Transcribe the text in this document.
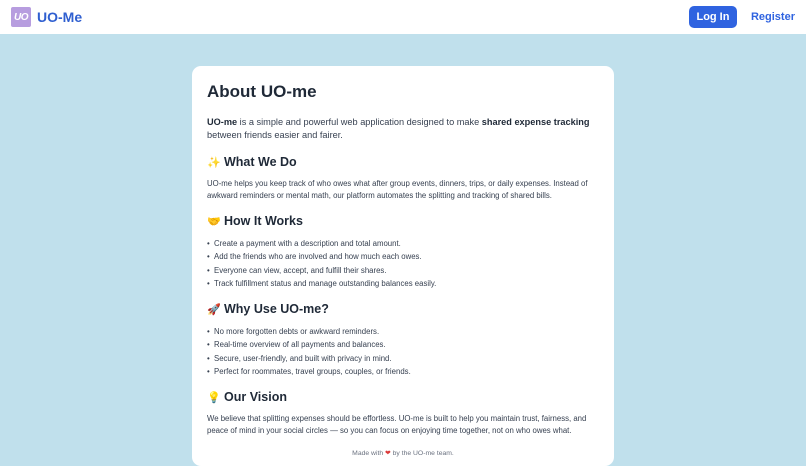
UO UO-Me	Log In	Register
About UO-me

UO-me is a simple and powerful web application designed to make shared expense tracking between friends easier and fairer.

✨ What We Do

UO-me helps you keep track of who owes what after group events, dinners, trips, or daily expenses. Instead of awkward reminders or mental math, our platform automates the splitting and tracking of shared bills.

🤝 How It Works
• Create a payment with a description and total amount.
• Add the friends who are involved and how much each owes.
• Everyone can view, accept, and fulfill their shares.
• Track fulfillment status and manage outstanding balances easily.
🚀 Why Use UO-me?
• No more forgotten debts or awkward reminders.
• Real-time overview of all payments and balances.
• Secure, user-friendly, and built with privacy in mind.
• Perfect for roommates, travel groups, couples, or friends.
💡 Our Vision

We believe that splitting expenses should be effortless. UO-me is built to help you maintain trust, fairness, and peace of mind in your social circles — so you can focus on enjoying time together, not on who owes what.

Made with ❤ by the UO-me team.
